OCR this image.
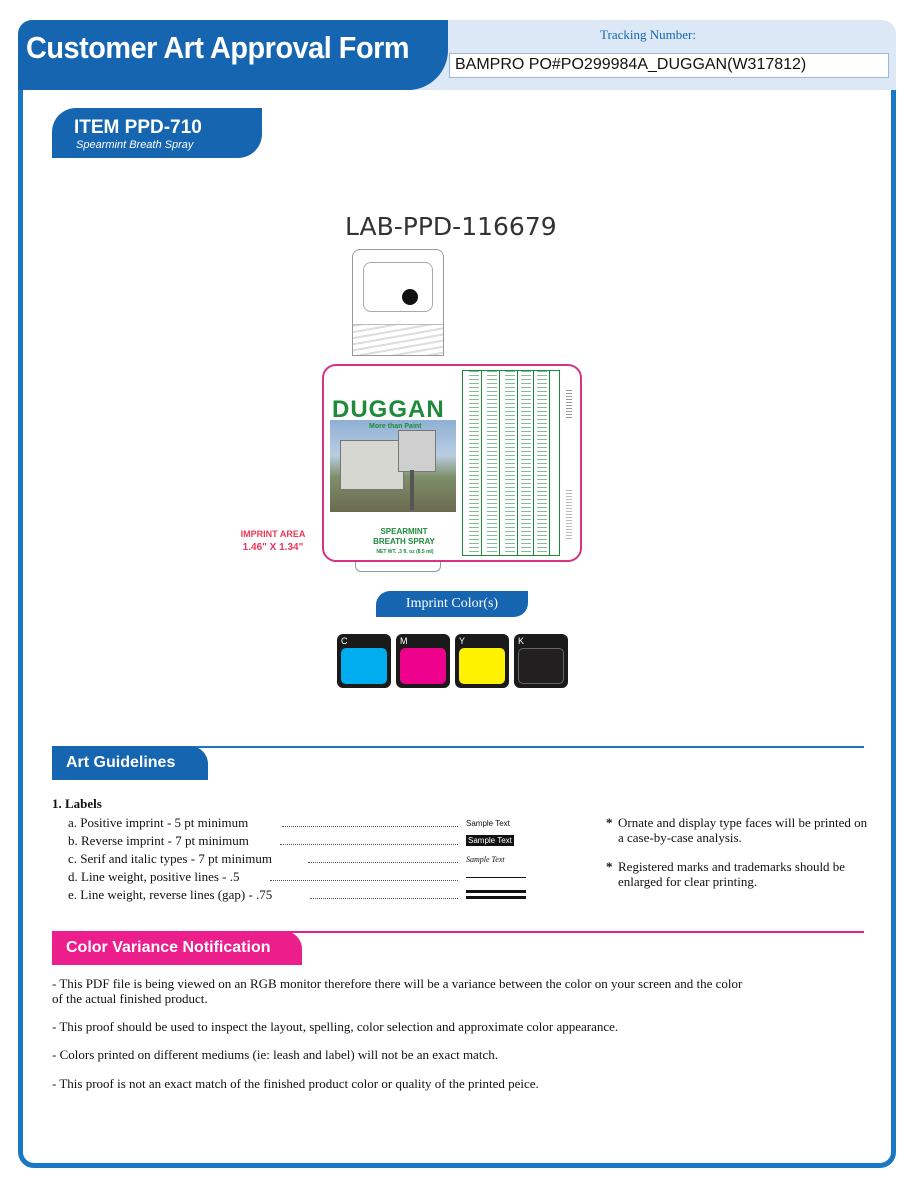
Customer Art Approval Form	Tracking Number:
BAMPRO PO#PO299984A_DUGGAN(W317812)
ITEM PPD-710
Spearmint Breath Spray
LAB-PPD-116679
IMPRINT AREA
1.46" X 1.34"
DUGGAN
More than Paint
SPEARMINT
BREATH SPRAY
NET WT. .3 fl. oz (8.5 ml)
Imprint Color(s)
C	M	Y	K
Art Guidelines
1. Labels
a. Positive imprint - 5 pt minimum	Sample Text
b. Reverse imprint - 7 pt minimum	Sample Text
c. Serif and italic types - 7 pt minimum	Sample Text
d. Line weight, positive lines - .5
e. Line weight, reverse lines (gap) - .75
* Ornate and display type faces will be printed on a case-by-case analysis.
* Registered marks and trademarks should be enlarged for clear printing.
Color Variance Notification
- This PDF file is being viewed on an RGB monitor therefore there will be a variance between the color on your screen and the color of the actual finished product.
- This proof should be used to inspect the layout, spelling, color selection and approximate color appearance.
- Colors printed on different mediums (ie: leash and label) will not be an exact match.
- This proof is not an exact match of the finished product color or quality of the printed peice.
